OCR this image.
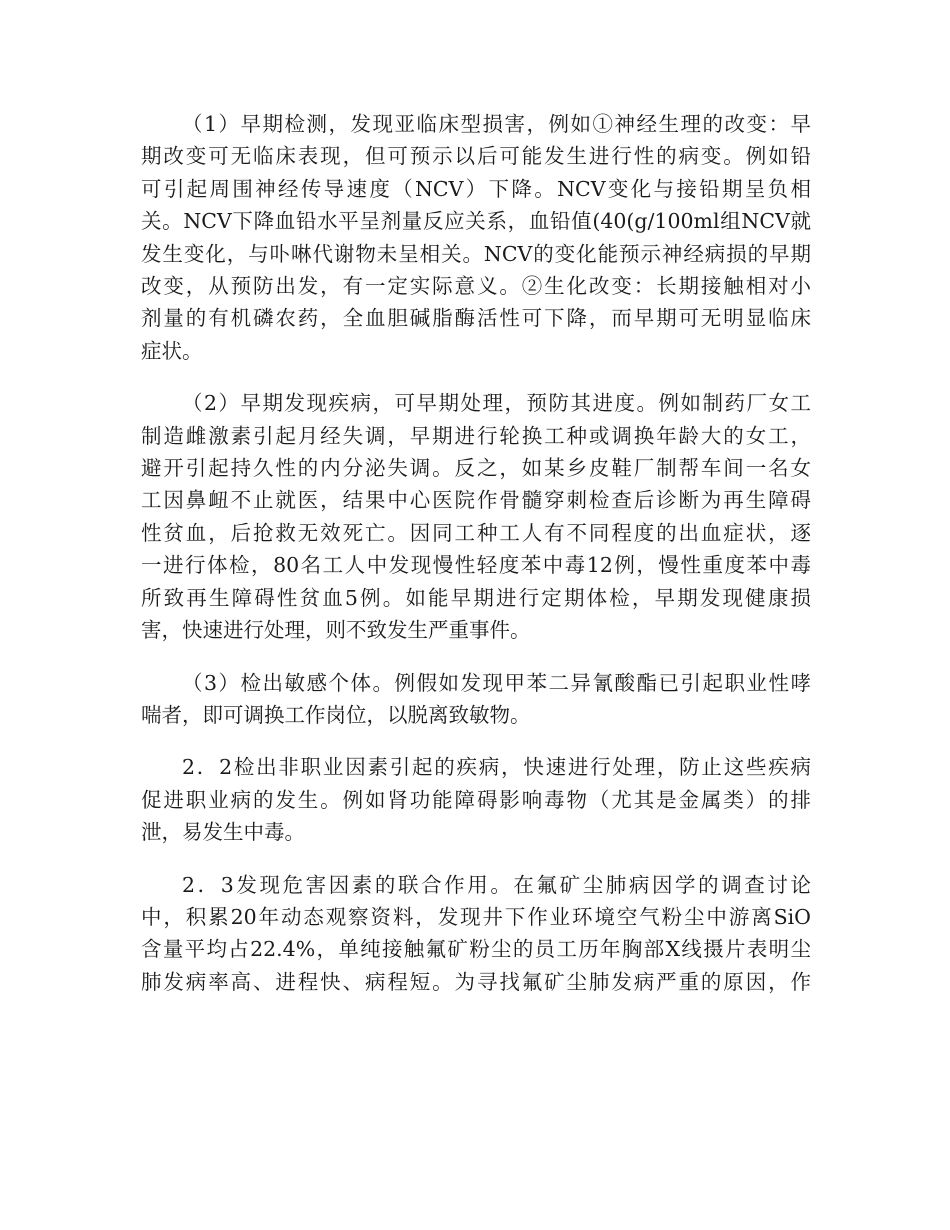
（1）早期检测，发现亚临床型损害，例如①神经生理的改变：早
期改变可无临床表现，但可预示以后可能发生进行性的病变。例如铅
可引起周围神经传导速度（NCV）下降。NCV变化与接铅期呈负相
关。NCV下降血铅水平呈剂量反应关系，血铅值(40(g/100ml组NCV就
发生变化，与卟啉代谢物未呈相关。NCV的变化能预示神经病损的早期
改变，从预防出发，有一定实际意义。②生化改变：长期接触相对小
剂量的有机磷农药，全血胆碱脂酶活性可下降，而早期可无明显临床
症状。

（2）早期发现疾病，可早期处理，预防其进度。例如制药厂女工
制造雌激素引起月经失调，早期进行轮换工种或调换年龄大的女工，
避开引起持久性的内分泌失调。反之，如某乡皮鞋厂制帮车间一名女
工因鼻衄不止就医，结果中心医院作骨髓穿刺检查后诊断为再生障碍
性贫血，后抢救无效死亡。因同工种工人有不同程度的出血症状，逐
一进行体检，80名工人中发现慢性轻度苯中毒12例，慢性重度苯中毒
所致再生障碍性贫血5例。如能早期进行定期体检，早期发现健康损
害，快速进行处理，则不致发生严重事件。

（3）检出敏感个体。例假如发现甲苯二异氰酸酯已引起职业性哮
喘者，即可调换工作岗位，以脱离致敏物。

2．2检出非职业因素引起的疾病，快速进行处理，防止这些疾病
促进职业病的发生。例如肾功能障碍影响毒物（尤其是金属类）的排
泄，易发生中毒。

2．3发现危害因素的联合作用。在氟矿尘肺病因学的调查讨论
中，积累20年动态观察资料，发现井下作业环境空气粉尘中游离SiO
含量平均占22.4%，单纯接触氟矿粉尘的员工历年胸部X线摄片表明尘
肺发病率高、进程快、病程短。为寻找氟矿尘肺发病严重的原因，作
